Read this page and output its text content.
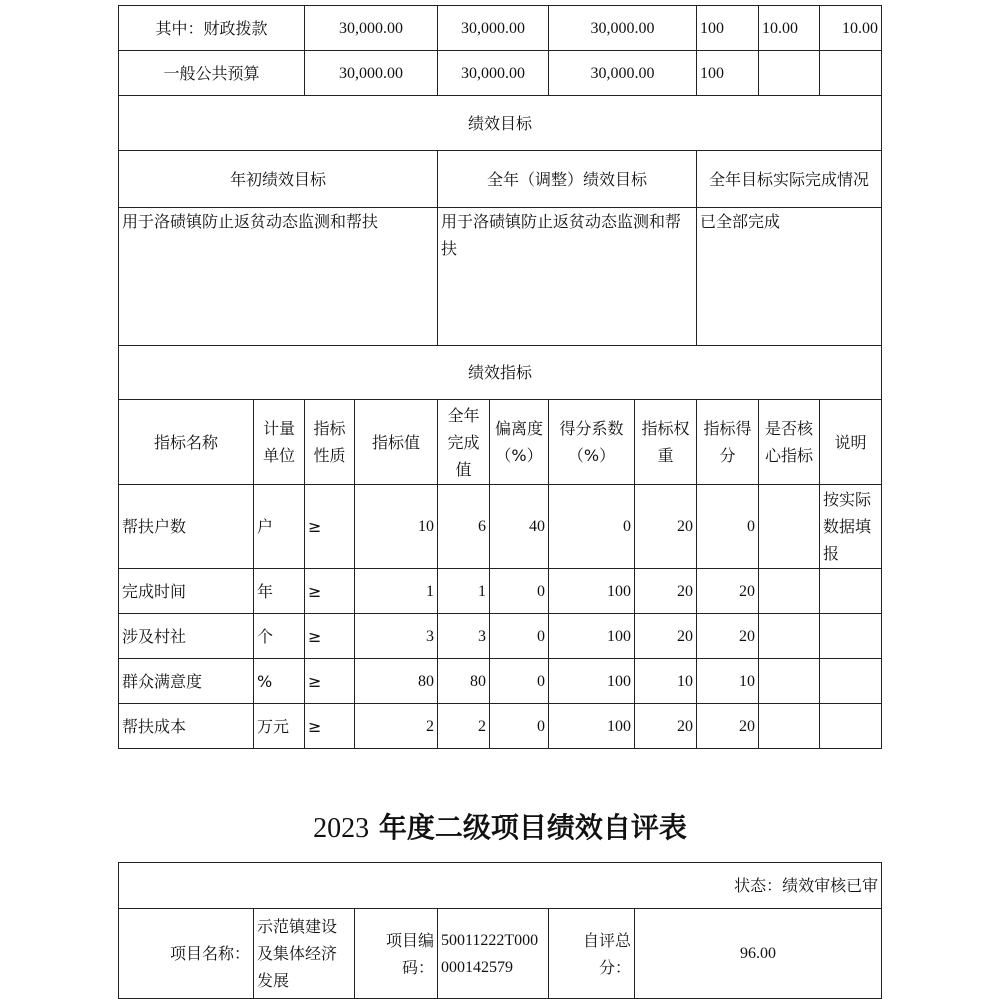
其中：财政拨款		30,000.00		30,000.00		30,000.00		100	10.00	10.00
一般公共预算		30,000.00		30,000.00		30,000.00		100		
绩效目标										
年初绩效目标				全年（调整）绩效目标				全年目标实际完成情况		
用于洛碛镇防止返贫动态监测和帮扶				用于洛碛镇防止返贫动态监测和帮扶				已全部完成		
绩效指标										
指标名称	计量单位	指标性质	指标值	全年完成值	偏离度（%）	得分系数（%）	指标权重	指标得分	是否核心指标	说明
帮扶户数	户	≥	10	6	40	0	20	0		按实际数据填报
完成时间	年	≥	1	1	0	100	20	20		
涉及村社	个	≥	3	3	0	100	20	20		
群众满意度	%	≥	80	80	0	100	10	10		
帮扶成本	万元	≥	2	2	0	100	20	20		
2023 年度二级项目绩效自评表
状态：绩效审核已审
项目名称：	示范镇建设及集体经济发展	项目编码：	50011222T000000142579	自评总分：	96.00
